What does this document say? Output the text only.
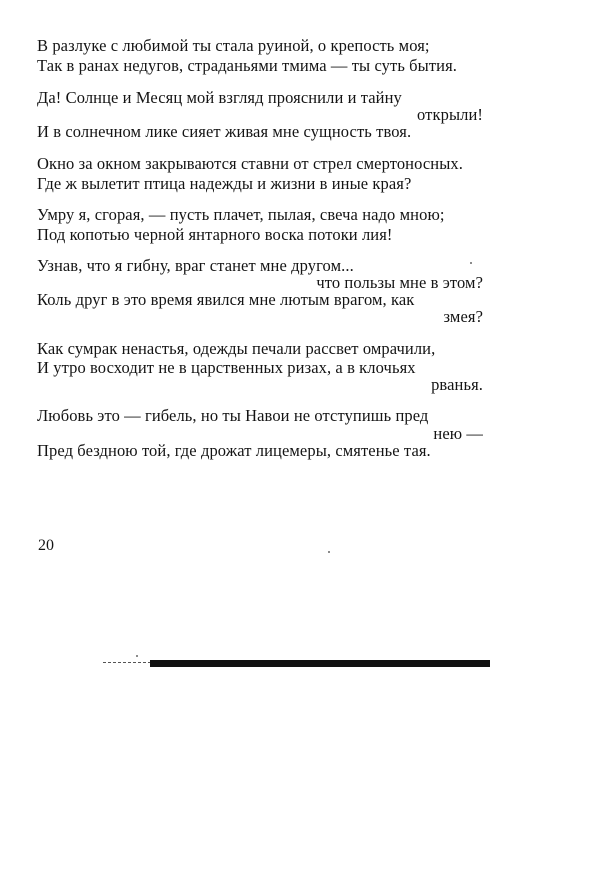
В разлуке с любимой ты стала руиной, о крепость моя;
Так в ранах недугов, страданьями тмима — ты суть бытия.
Да! Солнце и Месяц мой взгляд прояснили и тайну
открыли!
И в солнечном лике сияет живая мне сущность твоя.
Окно за окном закрываются ставни от стрел смертоносных.
Где ж вылетит птица надежды и жизни в иные края?
Умру я, сгорая, — пусть плачет, пылая, свеча надо мною;
Под копотью черной янтарного воска потоки лия!
Узнав, что я гибну, враг станет мне другом...
что пользы мне в этом?
Коль друг в это время явился мне лютым врагом, как
змея?
Как сумрак ненастья, одежды печали рассвет омрачили,
И утро восходит не в царственных ризах, а в клочьях
рванья.
Любовь это — гибель, но ты Навои не отступишь пред
нею —
Пред бездною той, где дрожат лицемеры, смятенье тая.
20
